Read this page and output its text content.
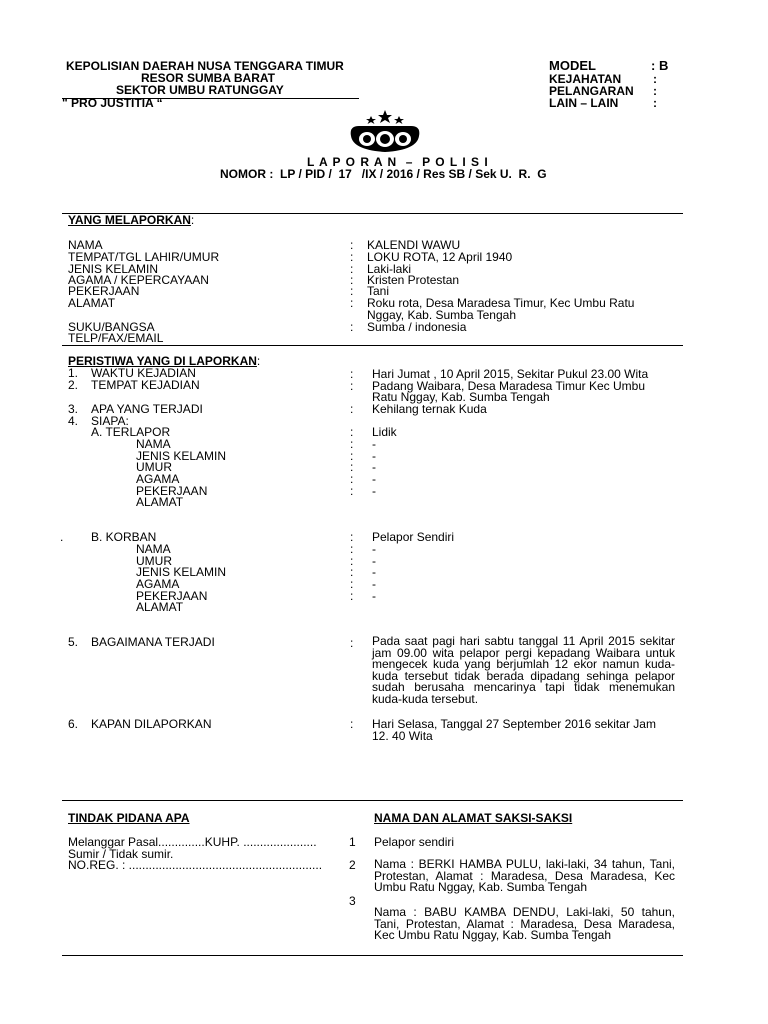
KEPOLISIAN DAERAH NUSA TENGGARA TIMUR
RESOR SUMBA BARAT
SEKTOR UMBU RATUNGGAY
" PRO JUSTITIA “
MODEL	: B
KEJAHATAN	:
PELANGARAN :
LAIN – LAIN	:
L A P O R A N  –  P O L I S I
NOMOR :  LP / PID /  17   /IX / 2016 / Res SB / Sek U.  R.  G
YANG MELAPORKAN:
NAMA	: KALENDI WAWU
TEMPAT/TGL LAHIR/UMUR	: LOKU ROTA, 12 April 1940
JENIS KELAMIN	: Laki-laki
AGAMA / KEPERCAYAAN	: Kristen Protestan
PEKERJAAN	: Tani
ALAMAT	: Roku rota, Desa Maradesa Timur, Kec Umbu Ratu
Nggay, Kab. Sumba Tengah
SUKU/BANGSA	: Sumba / indonesia
TELP/FAX/EMAIL
PERISTIWA YANG DI LAPORKAN:
1. WAKTU KEJADIAN	: Hari Jumat , 10 April 2015, Sekitar Pukul 23.00 Wita
2. TEMPAT KEJADIAN	: Padang Waibara, Desa Maradesa Timur Kec Umbu
Ratu Nggay, Kab. Sumba Tengah
3. APA YANG TERJADI	: Kehilang ternak Kuda
4. SIAPA:
A. TERLAPOR	: Lidik
NAMA	: -
JENIS KELAMIN	: -
UMUR	: -
AGAMA	: -
PEKERJAAN	: -
ALAMAT
. B. KORBAN	: Pelapor Sendiri
NAMA	: -
UMUR	: -
JENIS KELAMIN	: -
AGAMA	: -
PEKERJAAN	: -
ALAMAT
5. BAGAIMANA TERJADI	: Pada saat pagi hari sabtu tanggal 11 April 2015 sekitar jam 09.00 wita pelapor pergi kepadang Waibara untuk mengecek kuda yang berjumlah 12 ekor namun kuda-kuda tersebut tidak berada dipadang sehinga pelapor sudah berusaha mencarinya tapi tidak menemukan kuda-kuda tersebut.
6. KAPAN DILAPORKAN	: Hari Selasa, Tanggal 27 September 2016 sekitar Jam
12. 40 Wita
TINDAK PIDANA APA	NAMA DAN ALAMAT SAKSI-SAKSI
Melanggar Pasal..............KUHP. ......................
Sumir / Tidak sumir.
NO.REG. : ..........................................................
1 Pelapor sendiri
2 Nama : BERKI HAMBA PULU, laki-laki, 34 tahun, Tani, Protestan, Alamat : Maradesa, Desa Maradesa, Kec Umbu Ratu Nggay, Kab. Sumba Tengah
3
Nama : BABU KAMBA DENDU, Laki-laki, 50 tahun, Tani, Protestan, Alamat : Maradesa, Desa Maradesa, Kec Umbu Ratu Nggay, Kab. Sumba Tengah
